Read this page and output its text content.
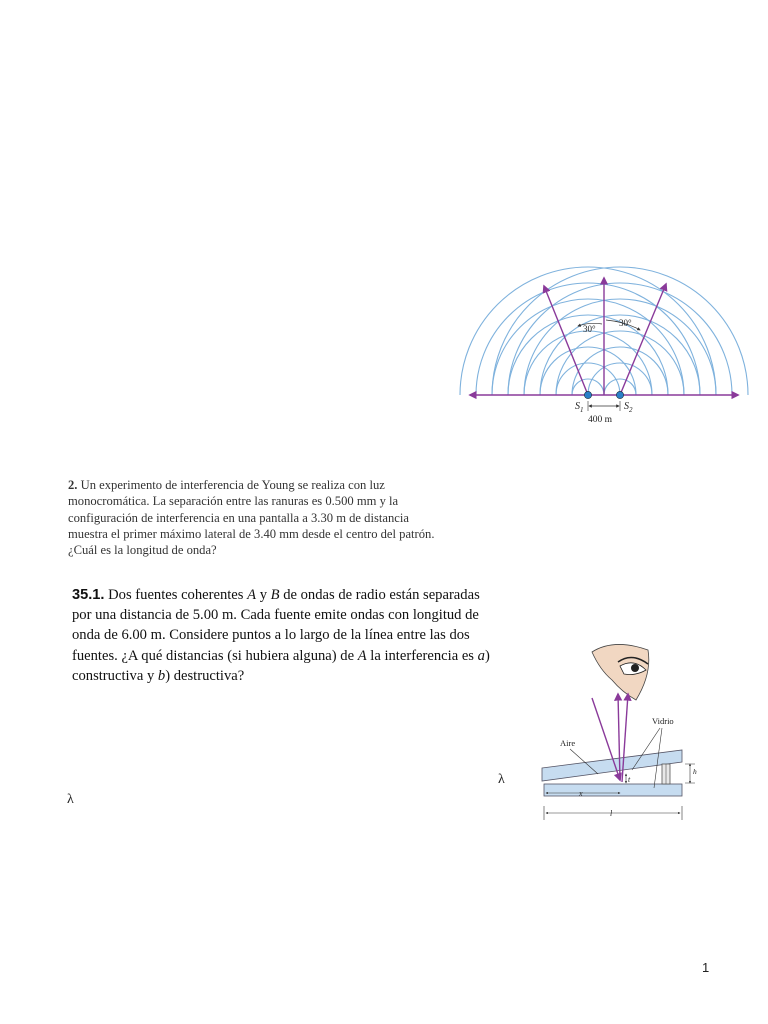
30°
30°
$S_1$	$S_2$
400 m
2. Un experimento de interferencia de Young se realiza con luz monocromática. La separación entre las ranuras es 0.500 mm y la configuración de interferencia en una pantalla a 3.30 m de distancia muestra el primer máximo lateral de 3.40 mm desde el centro del patrón. ¿Cuál es la longitud de onda?
35.1. Dos fuentes coherentes A y B de ondas de radio están separadas por una distancia de 5.00 m. Cada fuente emite ondas con longitud de onda de 6.00 m. Considere puntos a lo largo de la línea entre las dos fuentes. ¿A qué distancias (si hubiera alguna) de A la interferencia es a) constructiva y b) destructiva?
λ
λ
Vidrio
Aire
t
h
x
l
1
